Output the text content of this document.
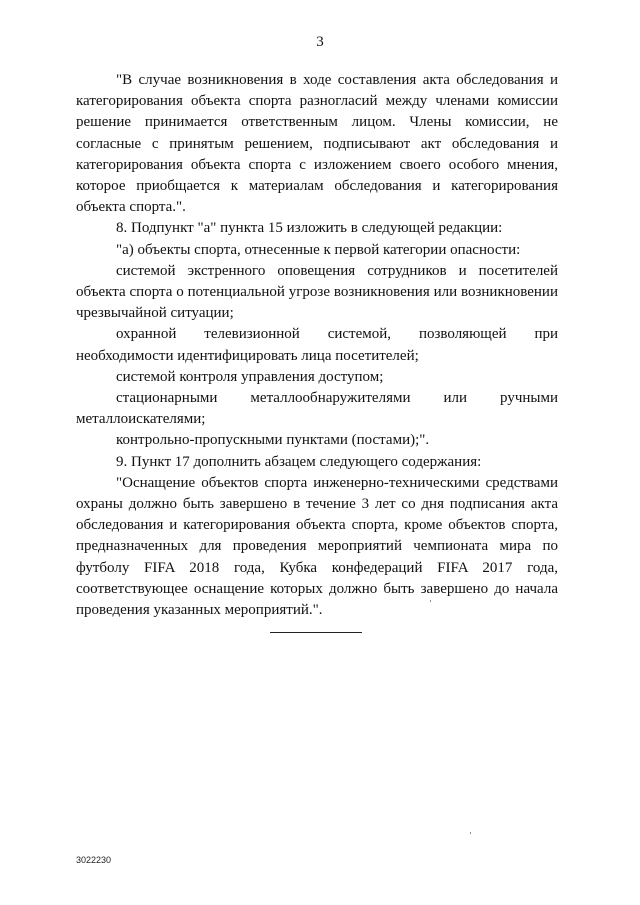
3

"В случае возникновения в ходе составления акта обследования и категорирования объекта спорта разногласий между членами комиссии решение принимается ответственным лицом. Члены комиссии, не согласные с принятым решением, подписывают акт обследования и категорирования объекта спорта с изложением своего особого мнения, которое приобщается к материалам обследования и категорирования объекта спорта.".

8. Подпункт "а" пункта 15 изложить в следующей редакции:

"а) объекты спорта, отнесенные к первой категории опасности:

системой экстренного оповещения сотрудников и посетителей объекта спорта о потенциальной угрозе возникновения или возникновении чрезвычайной ситуации;

охранной телевизионной системой, позволяющей при необходимости идентифицировать лица посетителей;

системой контроля управления доступом;

стационарными металлообнаружителями или ручными металлоискателями;

контрольно-пропускными пунктами (постами);".

9. Пункт 17 дополнить абзацем следующего содержания:

"Оснащение объектов спорта инженерно-техническими средствами охраны должно быть завершено в течение 3 лет со дня подписания акта обследования и категорирования объекта спорта, кроме объектов спорта, предназначенных для проведения мероприятий чемпионата мира по футболу FIFA 2018 года, Кубка конфедераций FIFA 2017 года, соответствующее оснащение которых должно быть завершено до начала проведения указанных мероприятий.".

3022230
